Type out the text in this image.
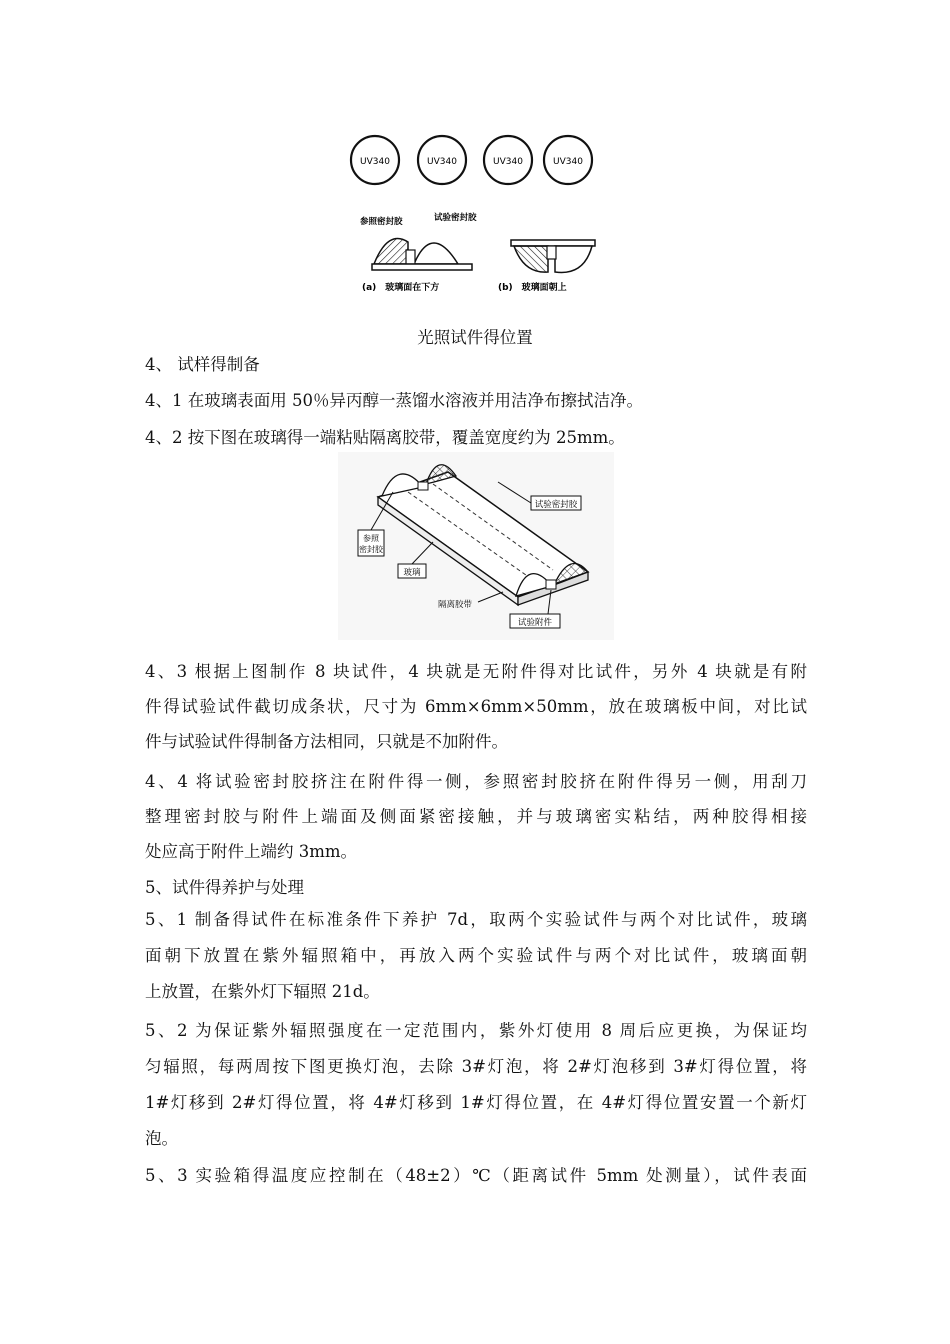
UV340	UV340	UV340	UV340
参照密封胶	试验密封胶
(a)　玻璃面在下方	(b)　玻璃面朝上
光照试件得位置
4、 试样得制备
4、1 在玻璃表面用 50％异丙醇一蒸馏水溶液并用洁净布擦拭洁净。
4、2 按下图在玻璃得一端粘贴隔离胶带，覆盖宽度约为 25mm。
试验密封胶
参照
密封胶
玻璃
隔离胶带
试验附件
4、3 根据上图制作 8 块试件，4 块就是无附件得对比试件，另外 4 块就是有附
件得试验试件截切成条状，尺寸为 6mm×6mm×50mm，放在玻璃板中间，对比试
件与试验试件得制备方法相同，只就是不加附件。
4、4 将试验密封胶挤注在附件得一侧，参照密封胶挤在附件得另一侧，用刮刀
整理密封胶与附件上端面及侧面紧密接触，并与玻璃密实粘结，两种胶得相接
处应高于附件上端约 3mm。
5、试件得养护与处理
5、1 制备得试件在标准条件下养护 7d，取两个实验试件与两个对比试件，玻璃
面朝下放置在紫外辐照箱中，再放入两个实验试件与两个对比试件，玻璃面朝
上放置，在紫外灯下辐照 21d。
5、2 为保证紫外辐照强度在一定范围内，紫外灯使用 8 周后应更换，为保证均
匀辐照，每两周按下图更换灯泡，去除 3#灯泡，将 2#灯泡移到 3#灯得位置，将
1#灯移到 2#灯得位置，将 4#灯移到 1#灯得位置，在 4#灯得位置安置一个新灯
泡。
5、3 实验箱得温度应控制在（48±2）℃（距离试件 5mm 处测量），试件表面
